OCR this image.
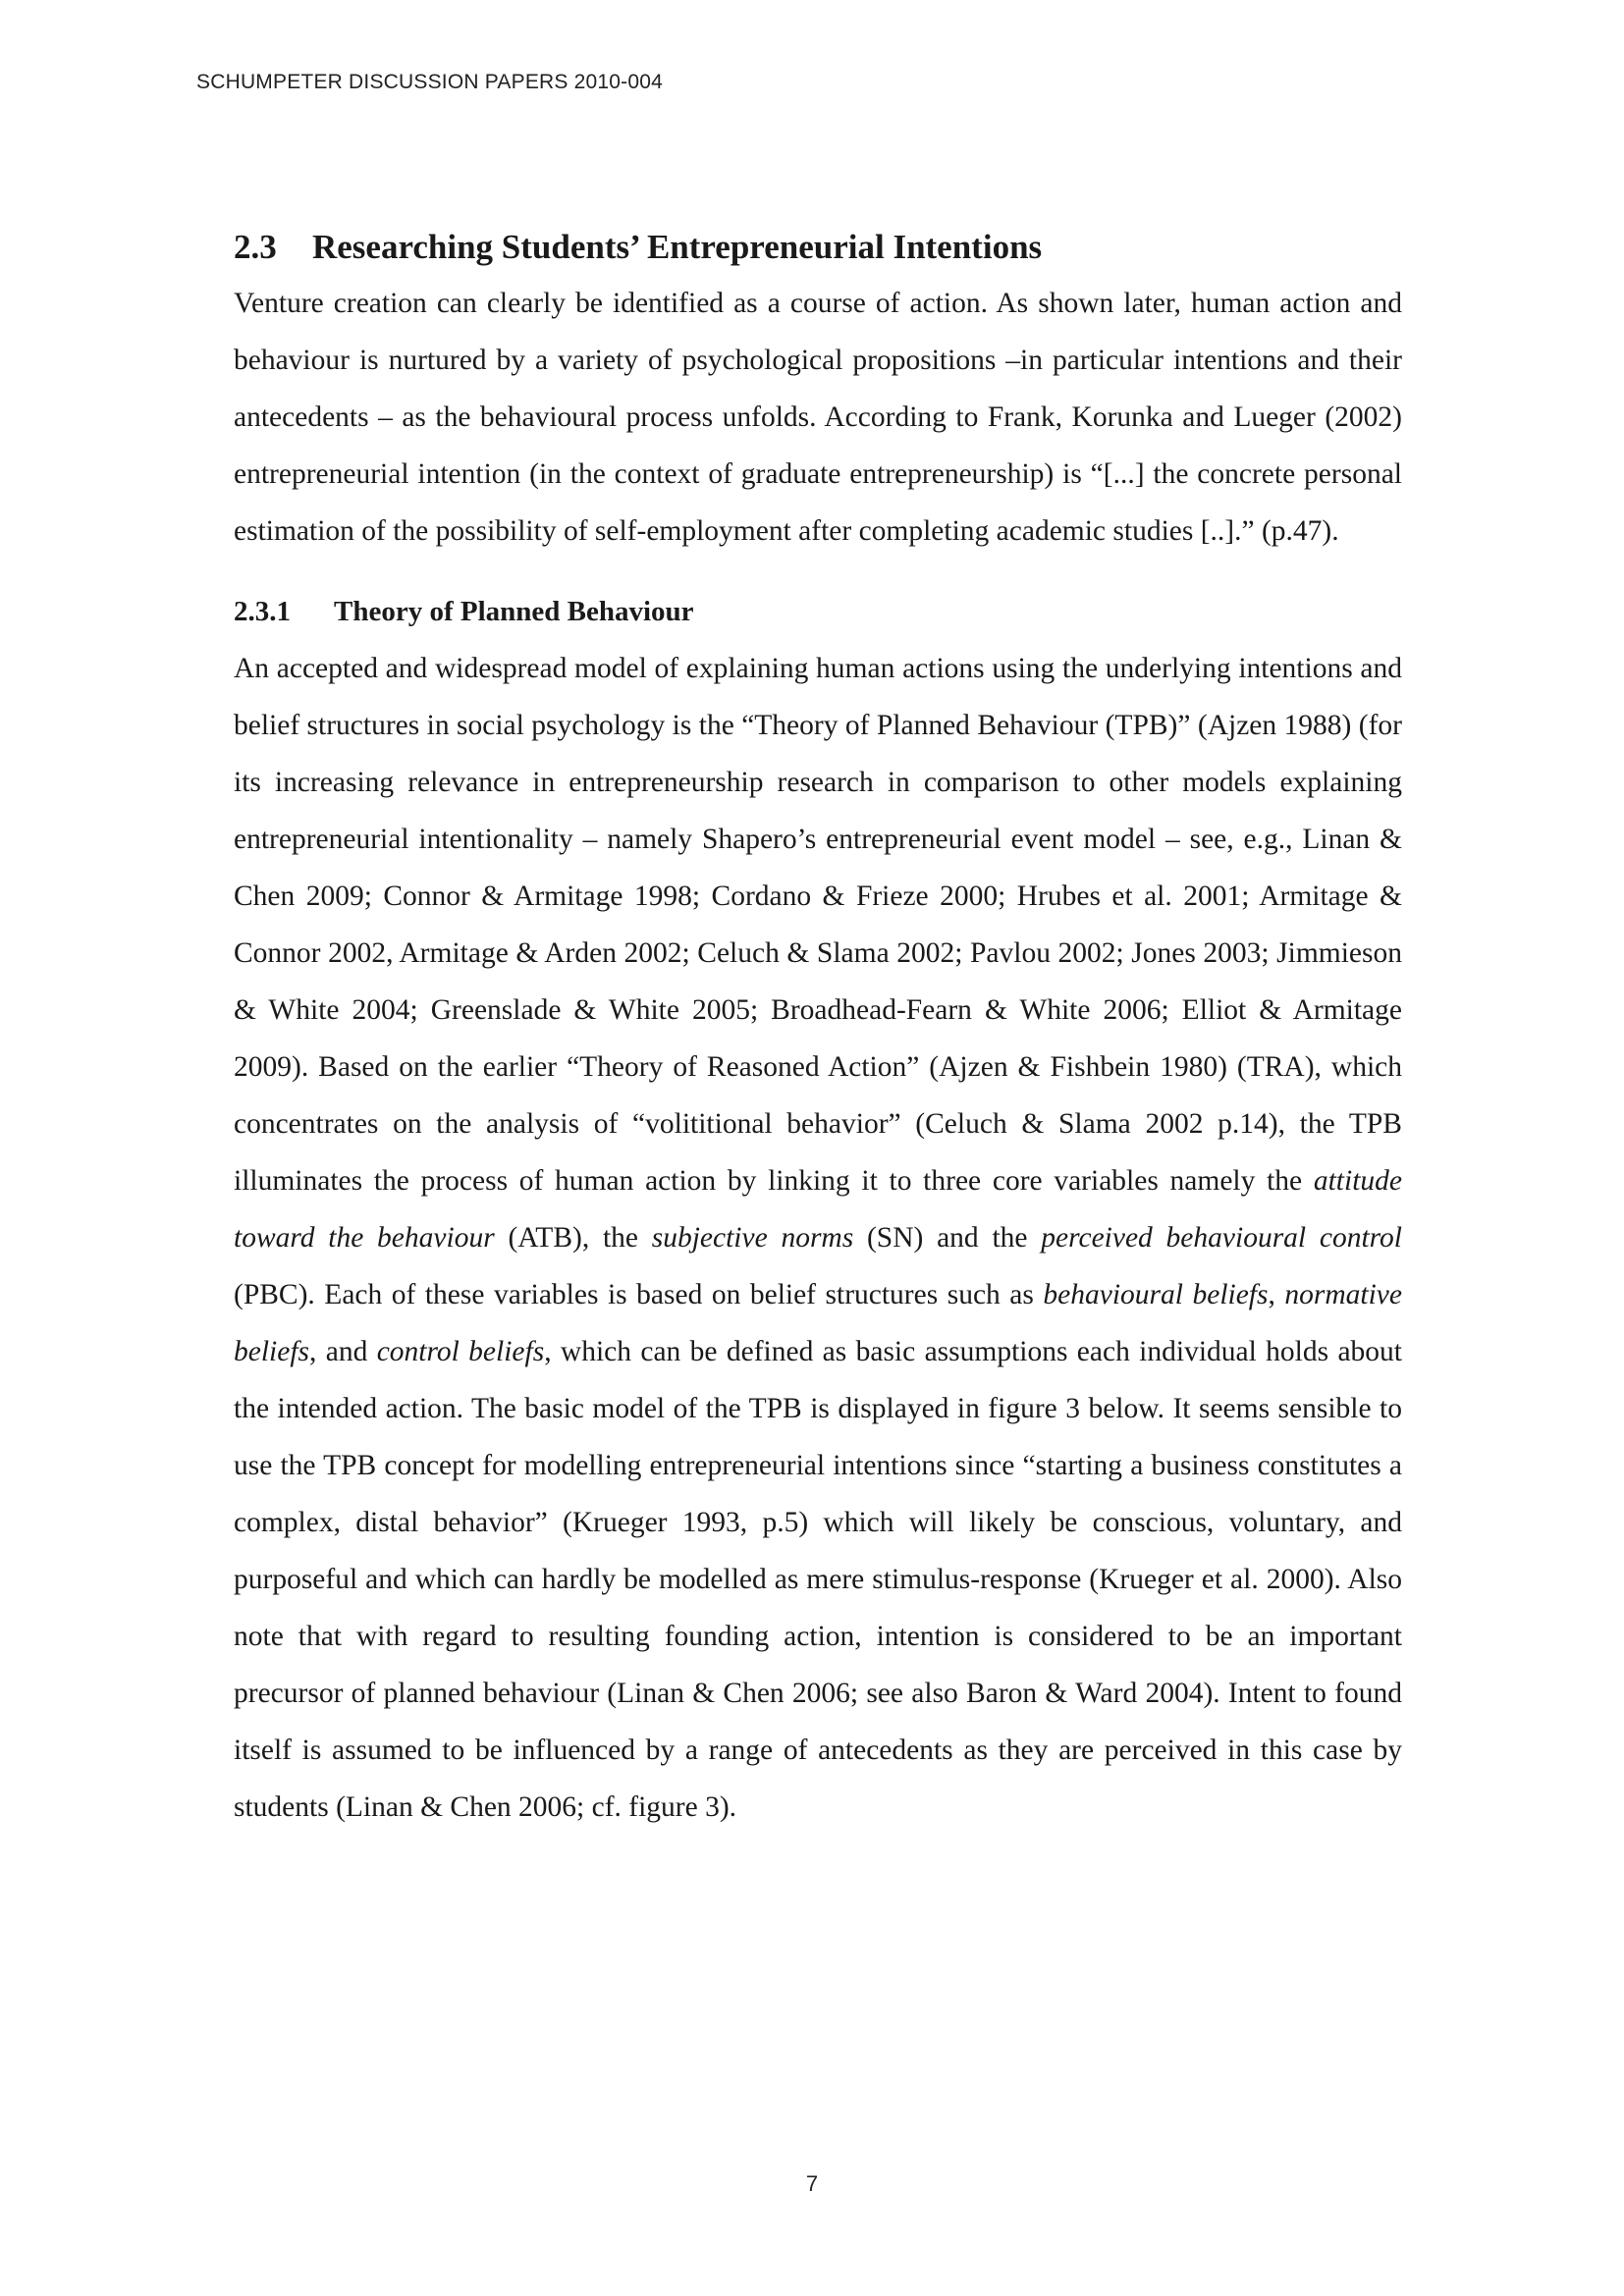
SCHUMPETER DISCUSSION PAPERS 2010-004
2.3 Researching Students’ Entrepreneurial Intentions

Venture creation can clearly be identified as a course of action. As shown later, human action and behaviour is nurtured by a variety of psychological propositions –in particular intentions and their antecedents – as the behavioural process unfolds. According to Frank, Korunka and Lueger (2002) entrepreneurial intention (in the context of graduate entrepreneurship) is “[...] the concrete personal estimation of the possibility of self-employment after completing academic studies [..].” (p.47).

2.3.1 Theory of Planned Behaviour

An accepted and widespread model of explaining human actions using the underlying intentions and belief structures in social psychology is the “Theory of Planned Behaviour (TPB)” (Ajzen 1988) (for its increasing relevance in entrepreneurship research in comparison to other models explaining entrepreneurial intentionality – namely Shapero’s entrepreneurial event model – see, e.g., Linan & Chen 2009; Connor & Armitage 1998; Cordano & Frieze 2000; Hrubes et al. 2001; Armitage & Connor 2002, Armitage & Arden 2002; Celuch & Slama 2002; Pavlou 2002; Jones 2003; Jimmieson & White 2004; Greenslade & White 2005; Broadhead-Fearn & White 2006; Elliot & Armitage 2009). Based on the earlier “Theory of Reasoned Action” (Ajzen & Fishbein 1980) (TRA), which concentrates on the analysis of “volititional behavior” (Celuch & Slama 2002 p.14), the TPB illuminates the process of human action by linking it to three core variables namely the attitude toward the behaviour (ATB), the subjective norms (SN) and the perceived behavioural control (PBC). Each of these variables is based on belief structures such as behavioural beliefs, normative beliefs, and control beliefs, which can be defined as basic assumptions each individual holds about the intended action. The basic model of the TPB is displayed in figure 3 below. It seems sensible to use the TPB concept for modelling entrepreneurial intentions since “starting a business constitutes a complex, distal behavior” (Krueger 1993, p.5) which will likely be conscious, voluntary, and purposeful and which can hardly be modelled as mere stimulus-response (Krueger et al. 2000). Also note that with regard to resulting founding action, intention is considered to be an important precursor of planned behaviour (Linan & Chen 2006; see also Baron & Ward 2004). Intent to found itself is assumed to be influenced by a range of antecedents as they are perceived in this case by students (Linan & Chen 2006; cf. figure 3).

7
